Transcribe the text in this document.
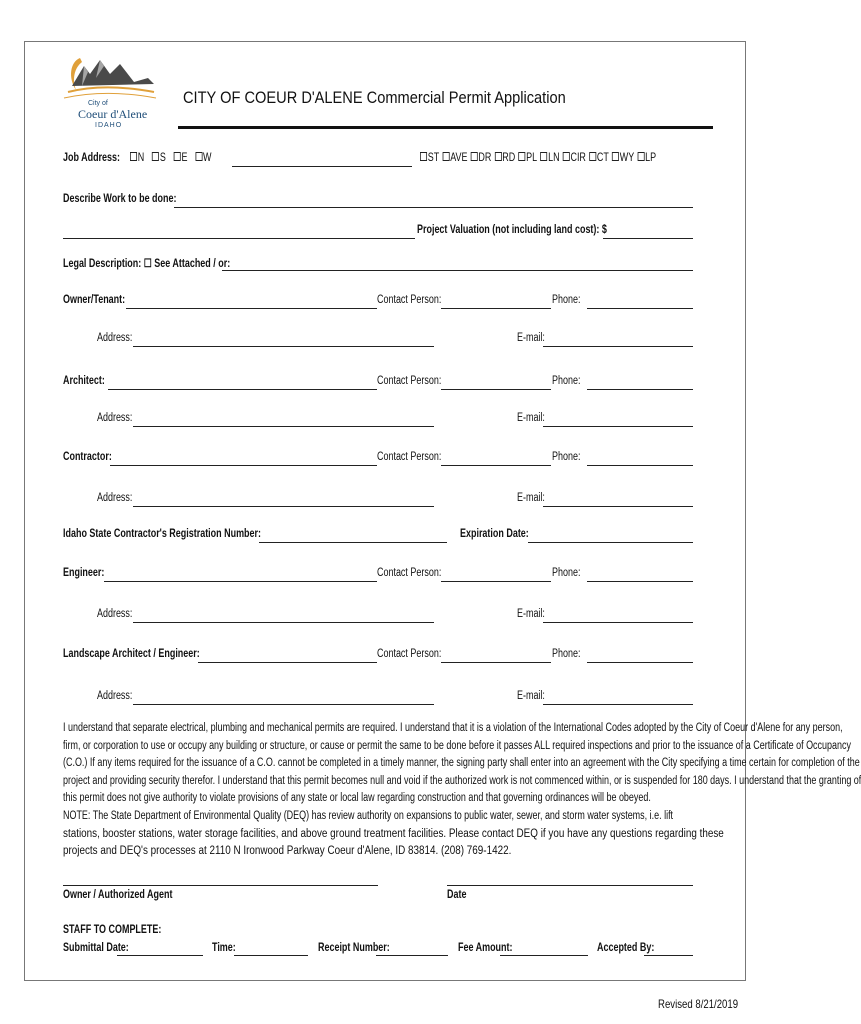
City of
Coeur d'Alene
IDAHO
CITY OF COEUR D'ALENE Commercial Permit Application
Job Address:	N S E W	ST AVE DR RD PL LN CIR CT WY LP
Describe Work to be done:
Project Valuation (not including land cost): $
Legal Description: ☐ See Attached / or:
Owner/Tenant:	Contact Person:	Phone:
Address:	E-mail:
Architect:	Contact Person:	Phone:
Address:	E-mail:
Contractor:	Contact Person:	Phone:
Address:	E-mail:
Idaho State Contractor's Registration Number:	Expiration Date:
Engineer:	Contact Person:	Phone:
Address:	E-mail:
Landscape Architect / Engineer:	Contact Person:	Phone:
Address:	E-mail:
I understand that separate electrical, plumbing and mechanical permits are required. I understand that it is a violation of the International Codes adopted by the City of Coeur d'Alene for any person,
firm, or corporation to use or occupy any building or structure, or cause or permit the same to be done before it passes ALL required inspections and prior to the issuance of a Certificate of Occupancy
(C.O.) If any items required for the issuance of a C.O. cannot be completed in a timely manner, the signing party shall enter into an agreement with the City specifying a time certain for completion of the
project and providing security therefor. I understand that this permit becomes null and void if the authorized work is not commenced within, or is suspended for 180 days. I understand that the granting of
this permit does not give authority to violate provisions of any state or local law regarding construction and that governing ordinances will be obeyed.
NOTE: The State Department of Environmental Quality (DEQ) has review authority on expansions to public water, sewer, and storm water systems, i.e. lift
stations, booster stations, water storage facilities, and above ground treatment facilities. Please contact DEQ if you have any questions regarding these
projects and DEQ's processes at 2110 N Ironwood Parkway Coeur d'Alene, ID 83814. (208) 769-1422.
Owner / Authorized Agent	Date
STAFF TO COMPLETE:
Submittal Date:	Time:	Receipt Number:	Fee Amount:	Accepted By:
Revised 8/21/2019
